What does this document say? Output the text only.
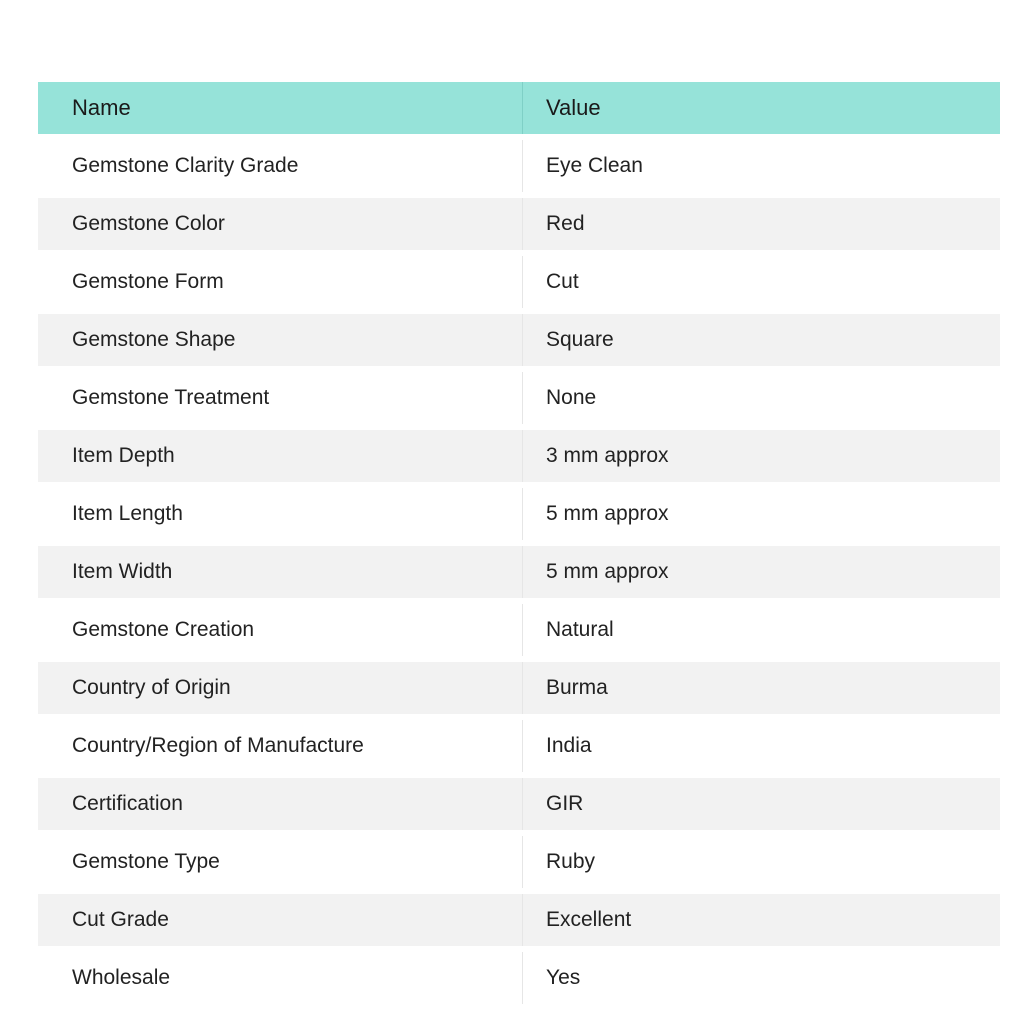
Name	Value
Gemstone Clarity Grade	Eye Clean
Gemstone Color	Red
Gemstone Form	Cut
Gemstone Shape	Square
Gemstone Treatment	None
Item Depth	3 mm approx
Item Length	5 mm approx
Item Width	5 mm approx
Gemstone Creation	Natural
Country of Origin	Burma
Country/Region of Manufacture	India
Certification	GIR
Gemstone Type	Ruby
Cut Grade	Excellent
Wholesale	Yes
